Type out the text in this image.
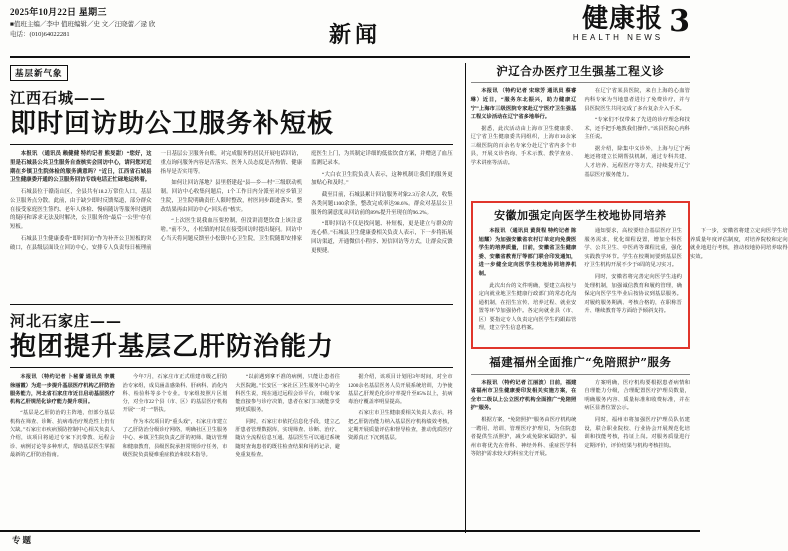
2025年10月22日 星期三
■值班主编／李中 值班编辑／史 文／汪晓蕾／逯 欣
电话：(010)64022281	新闻
健康报
HEALTH NEWS 3
基层新气象
江西石城——
即时回访助公卫服务补短板

本报讯 （通讯员 赖健健 特约记者 熊旻甜）“您好，这里是石城县公共卫生服务自查核实会回访中心，请问您对近期在乡镇卫生院体检的服务满意吗？”近日，江西省石城县卫生健康委开通的公卫服务回访专线电话正忙碌地运转着。

石城县位于赣南山区，全县共有18.2万常住人口，基层公卫服务点分散。此前，由于缺少即时反馈渠道，部分群众在接受家庭医生签约、老年人体检、慢病随访等服务时遇到的疑问和诉求无法及时解决，公卫服务的“最后一公里”存在短板。

石城县卫生健康委将“即时回访”作为补齐公卫短板的突破口，在县级层面设立回访中心，安排专人负责每日梳理前一日基层公卫服务台账，对完成服务的居民开展电话回访，重点询问服务内容是否落实、医务人员态度是否热情、健康指导是否实用等。

如何让回访落地？县里搭建起“县—乡—村”三级联动机制。回访中心收集问题后，1个工作日内分派至对应乡镇卫生院，卫生院明确责任人限时整改，村医同步跟进落实，整改结果再由回访中心“回头看”核实。

“上次医生说我血压要控制，但没讲清楚饮食上该注意啥。”前不久，小松镇的村民在接受回访时提出疑问。回访中心当天将问题反馈至小松镇中心卫生院，卫生院随即安排家庭医生上门，为其制定详细的低盐饮食方案，并赠送了血压监测记录本。

“大白衣卫生院负责人表示，这种机制让我们的服务更加贴心和及时。”

截至目前，石城县累计回访服务对象2.3万余人次，收集各类问题1100余条，整改完成率达98.6%。群众对基层公卫服务的满意度从回访前的89%提升至现在的96.2%。

“即时回访不仅是找问题、补短板，更是建立与群众的连心桥。”石城县卫生健康委相关负责人表示，下一步将拓展回访渠道，开通微信小程序、短信回访等方式，让群众反馈更便捷。

河北石家庄——
抱团提升基层乙肝防治能力

本报讯 （特约记者 卜秘蕾 通讯员 李震 徐丽霞）为进一步提升基层医疗机构乙肝防治服务能力，河北省石家庄市近日启动基层医疗机构乙肝规范化诊疗能力提升项目。

“基层是乙肝防治的主阵地，但部分基层机构在筛查、诊断、抗病毒治疗规范性上仍有欠缺。”石家庄市疾病预防控制中心相关负责人介绍，该项目将通过专家下沉带教、远程会诊、病例讨论等多种形式，帮助基层医生掌握最新的乙肝防治指南。

今年7月，石家庄市正式组建市级乙肝防治专家组，成员涵盖感染科、肝病科、消化内科、检验科等多个专业。专家组按照片区划分，对全市22个县（市、区）的基层医疗机构开展“一对一”帮扶。

作为本次项目的“重头戏”，石家庄市建立了乙肝防治分级诊疗网络，明确社区卫生服务中心、乡镇卫生院负责乙肝的初筛、随访管理和健康教育，县级医院承担常规诊疗任务，市级医院负责疑难重症救治和技术指导。

“以前遇到拿不准的病例，只能让患者往大医院跑。”长安区一家社区卫生服务中心的全科医生说，现在通过远程会诊平台，市级专家能直接参与诊疗决策，患者在家门口就能享受到优质服务。

同时，石家庄市依托信息化手段，建立乙肝患者管理数据库，实现筛查、诊断、治疗、随访全流程信息互通。基层医生可以通过系统随时查询患者的既往检查结果和用药记录，避免重复检查。

据介绍，该项目计划用3年时间，对全市1200余名基层医务人员开展系统培训，力争使基层乙肝规范化诊疗率提升至85%以上，抗病毒治疗覆盖率明显提高。

石家庄市卫生健康委相关负责人表示，将把乙肝防治能力纳入基层医疗机构绩效考核，定期开展质量评估和督导检查，推动优质医疗资源真正下沉到基层。

沪辽合办医疗卫生强基工程义诊

本报讯 （特约记者 宋琼芳 通讯员 蔡睿琳）近日，“服务东北振兴，助力健康辽宁”上海市三级医院专家赴辽宁医疗卫生强基工程义诊活动在辽宁省多地举行。

据悉，此次活动由上海市卫生健康委、辽宁省卫生健康委共同组织，上海市10余家三级医院的百余名专家分赴辽宁省内多个市县，开展义诊咨询、手术示教、教学查房、学术讲座等活动。

在辽宁省某县医院，来自上海的心血管内科专家为当地患者进行了免费诊疗，并与县医院医生共同完成了多台复杂介入手术。

“专家们不仅带来了先进的诊疗理念和技术，还手把手地教我们操作。”该县医院心内科主任说。

据介绍，除集中义诊外，上海与辽宁两地还将建立长期帮扶机制，通过专科共建、人才培养、远程医疗等方式，持续提升辽宁基层医疗服务能力。

安徽加强定向医学生校地协同培养

本报讯 （通讯员 黄贤程 特约记者 陈旭耀）为加强安徽省农村订单定向免费医学生的培养质量，日前，安徽省卫生健康委、安徽省教育厅等部门联合印发通知，进一步健全定向医学生校地协同培养机制。

此次出台的文件明确，要建立高校与定向就业地卫生健康行政部门的常态化沟通机制，在招生宣传、培养过程、就业安置等环节加强协作。各定向就业县（市、区）要指定专人负责定向医学生的跟踪管理，建立学生信息档案。

通知要求，高校要结合基层医疗卫生服务需求，优化课程设置，增加全科医学、公共卫生、中医药等课程比重，强化实践教学环节。学生在校期间要到基层医疗卫生机构开展不少于8周的见习实习。

同时，安徽省将完善定向医学生违约处理机制，加强诚信教育和履约管理，确保定向医学生毕业后按协议到基层服务。对履约服务期满、考核合格的，在职称晋升、继续教育等方面给予倾斜支持。

下一步，安徽省将建立定向医学生培养质量年度评估制度，对培养院校和定向就业地进行考核，推动校地协同培养取得实效。

福建福州全面推广“免陪照护”服务

本报讯 （特约记者 江丽波）日前，福建省福州市卫生健康委印发相关实施方案，在全市二级以上公立医疗机构全面推广“免陪照护”服务。

根据方案，“免陪照护”服务由医疗机构统一聘用、培训、管理医疗护理员，为住院患者提供生活照护，减少或免除家属陪护。福州市将优先在骨科、神经外科、重症医学科等陪护需求较大的科室先行开展。

方案明确，医疗机构要根据患者病情和自理能力分级，合理配置医疗护理员数量，明确服务内容、质量标准和收费标准，并在病区显著位置公示。

同时，福州市将加强医疗护理员队伍建设，联合职业院校、行业协会开展规范化培训和技能考核，持证上岗。对服务质量进行定期评价，评价结果与机构考核挂钩。

专题
